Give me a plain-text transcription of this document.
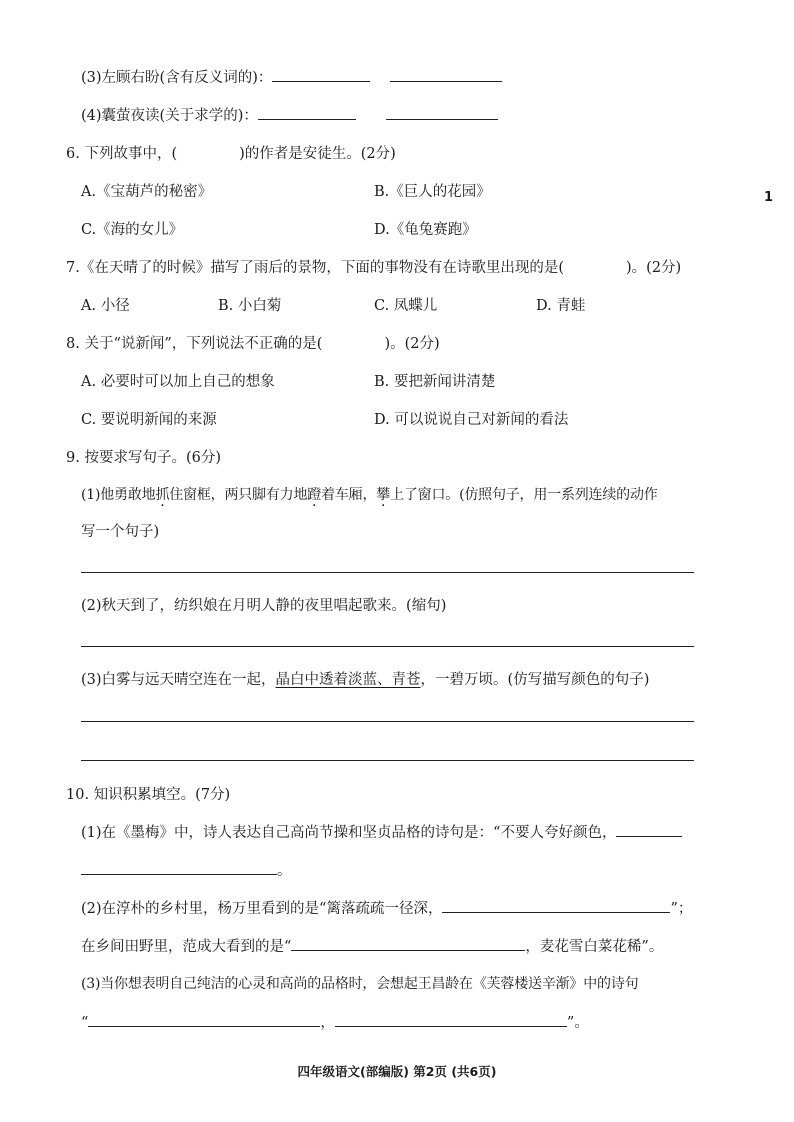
(3)左顾右盼(含有反义词的)：
(4)囊萤夜读(关于求学的)：
6. 下列故事中，(	)的作者是安徒生。(2分)
A.《宝葫芦的秘密》	B.《巨人的花园》
C.《海的女儿》	D.《龟兔赛跑》
1
7.《在天晴了的时候》描写了雨后的景物，下面的事物没有在诗歌里出现的是(	)。(2分)
A. 小径	B. 小白菊	C. 凤蝶儿	D. 青蛙
8. 关于“说新闻”，下列说法不正确的是(	)。(2分)
A. 必要时可以加上自己的想象	B. 要把新闻讲清楚
C. 要说明新闻的来源	D. 可以说说自己对新闻的看法
9. 按要求写句子。(6分)
(1)他勇敢地抓住窗框，两只脚有力地蹬着车厢，攀上了窗口。(仿照句子，用一系列连续的动作
写一个句子)
(2)秋天到了，纺织娘在月明人静的夜里唱起歌来。(缩句)
(3)白雾与远天晴空连在一起，晶白中透着淡蓝、青苍，一碧万顷。(仿写描写颜色的句子)
10. 知识积累填空。(7分)
(1)在《墨梅》中，诗人表达自己高尚节操和坚贞品格的诗句是：“不要人夸好颜色，
。
(2)在淳朴的乡村里，杨万里看到的是“篱落疏疏一径深，	”；
在乡间田野里，范成大看到的是“	，麦花雪白菜花稀”。
(3)当你想表明自己纯洁的心灵和高尚的品格时，会想起王昌龄在《芙蓉楼送辛渐》中的诗句
“	，	”。
四年级语文(部编版) 第2页 (共6页)
